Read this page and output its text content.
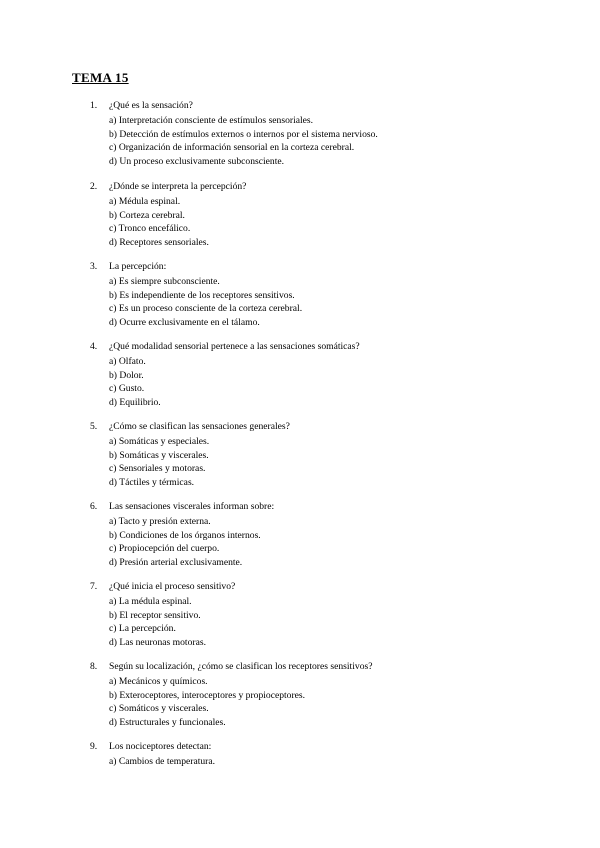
TEMA 15
1. ¿Qué es la sensación?
a) Interpretación consciente de estímulos sensoriales.
b) Detección de estímulos externos o internos por el sistema nervioso.
c) Organización de información sensorial en la corteza cerebral.
d) Un proceso exclusivamente subconsciente.
2. ¿Dónde se interpreta la percepción?
a) Médula espinal.
b) Corteza cerebral.
c) Tronco encefálico.
d) Receptores sensoriales.
3. La percepción:
a) Es siempre subconsciente.
b) Es independiente de los receptores sensitivos.
c) Es un proceso consciente de la corteza cerebral.
d) Ocurre exclusivamente en el tálamo.
4. ¿Qué modalidad sensorial pertenece a las sensaciones somáticas?
a) Olfato.
b) Dolor.
c) Gusto.
d) Equilibrio.
5. ¿Cómo se clasifican las sensaciones generales?
a) Somáticas y especiales.
b) Somáticas y viscerales.
c) Sensoriales y motoras.
d) Táctiles y térmicas.
6. Las sensaciones viscerales informan sobre:
a) Tacto y presión externa.
b) Condiciones de los órganos internos.
c) Propiocepción del cuerpo.
d) Presión arterial exclusivamente.
7. ¿Qué inicia el proceso sensitivo?
a) La médula espinal.
b) El receptor sensitivo.
c) La percepción.
d) Las neuronas motoras.
8. Según su localización, ¿cómo se clasifican los receptores sensitivos?
a) Mecánicos y químicos.
b) Exteroceptores, interoceptores y propioceptores.
c) Somáticos y viscerales.
d) Estructurales y funcionales.
9. Los nociceptores detectan:
a) Cambios de temperatura.
